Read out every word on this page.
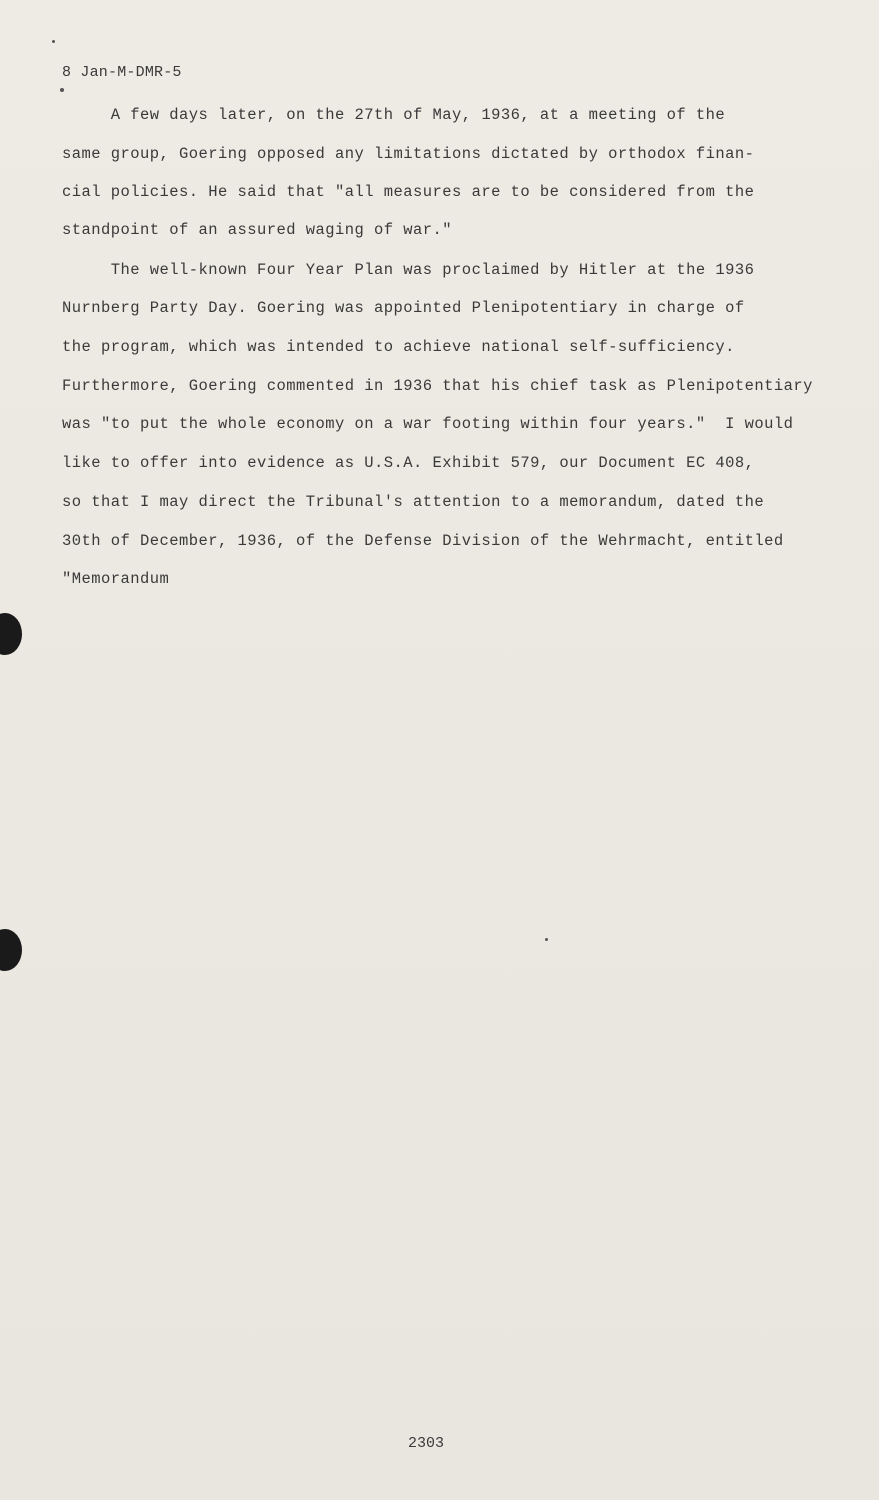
8 Jan-M-DMR-5
A few days later, on the 27th of May, 1936, at a meeting of the
same group, Goering opposed any limitations dictated by orthodox finan-
cial policies. He said that "all measures are to be considered from the
standpoint of an assured waging of war."
The well-known Four Year Plan was proclaimed by Hitler at the 1936
Nurnberg Party Day. Goering was appointed Plenipotentiary in charge of
the program, which was intended to achieve national self-sufficiency.
Furthermore, Goering commented in 1936 that his chief task as Plenipotentiary
was "to put the whole economy on a war footing within four years."  I would
like to offer into evidence as U.S.A. Exhibit 579, our Document EC 408,
so that I may direct the Tribunal's attention to a memorandum, dated the
30th of December, 1936, of the Defense Division of the Wehrmacht, entitled
"Memorandum
2303
